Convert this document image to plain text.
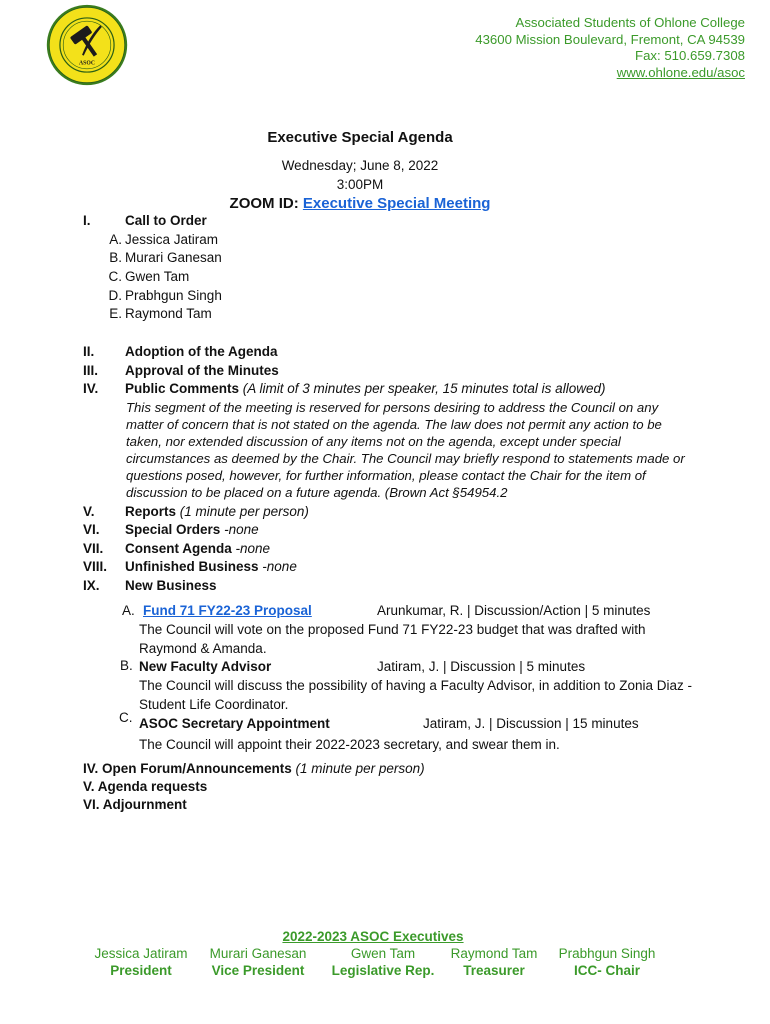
ASOC
Associated Students of Ohlone College
43600 Mission Boulevard, Fremont, CA 94539
Fax: 510.659.7308
www.ohlone.edu/asoc
Executive Special Agenda
Wednesday; June 8, 2022
3:00PM
ZOOM ID: Executive Special Meeting
I.	Call to Order
A. Jessica Jatiram
B. Murari Ganesan
C. Gwen Tam
D. Prabhgun Singh
E. Raymond Tam
II. Adoption of the Agenda
III. Approval of the Minutes
IV. Public Comments (A limit of 3 minutes per speaker, 15 minutes total is allowed)
This segment of the meeting is reserved for persons desiring to address the Council on any matter of concern that is not stated on the agenda. The law does not permit any action to be taken, nor extended discussion of any items not on the agenda, except under special circumstances as deemed by the Chair. The Council may briefly respond to statements made or questions posed, however, for further information, please contact the Chair for the item of discussion to be placed on a future agenda. (Brown Act §54954.2
V. Reports (1 minute per person)
VI. Special Orders -none
VII. Consent Agenda -none
VIII. Unfinished Business -none
IX. New Business
A. Fund 71 FY22-23 Proposal	Arunkumar, R. | Discussion/Action | 5 minutes
The Council will vote on the proposed Fund 71 FY22-23 budget that was drafted with Raymond & Amanda.
B. New Faculty Advisor	Jatiram, J. | Discussion | 5 minutes
The Council will discuss the possibility of having a Faculty Advisor, in addition to Zonia Diaz - Student Life Coordinator.
C. ASOC Secretary Appointment	Jatiram, J. | Discussion | 15 minutes
The Council will appoint their 2022-2023 secretary, and swear them in.
IV. Open Forum/Announcements (1 minute per person)
V. Agenda requests
VI. Adjournment
2022-2023 ASOC Executives
Jessica Jatiram
President
Murari Ganesan
Vice President
Gwen Tam
Legislative Rep.
Raymond Tam
Treasurer
Prabhgun Singh
ICC- Chair
